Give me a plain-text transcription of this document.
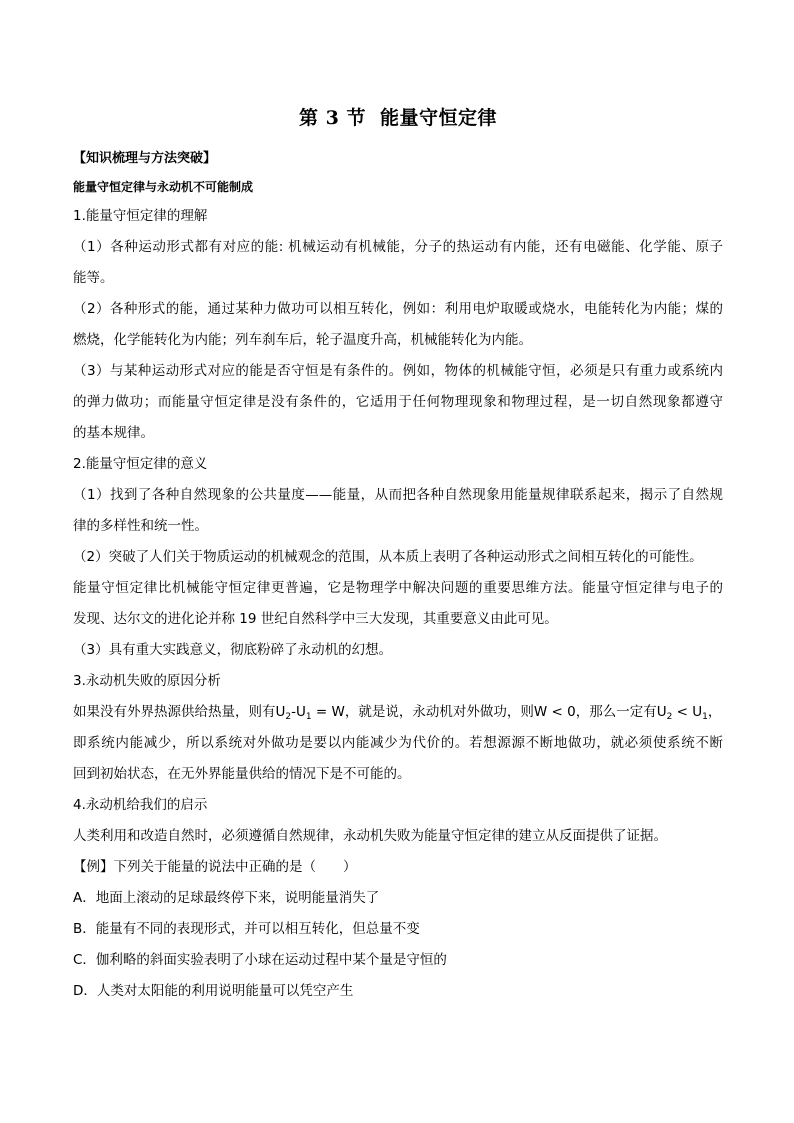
第 3 节 能量守恒定律
【知识梳理与方法突破】
能量守恒定律与永动机不可能制成
1.能量守恒定律的理解
（1）各种运动形式都有对应的能: 机械运动有机械能，分子的热运动有内能，还有电磁能、化学能、原子
能等。
（2）各种形式的能，通过某种力做功可以相互转化，例如：利用电炉取暖或烧水，电能转化为内能；煤的
燃烧，化学能转化为内能；列车刹车后，轮子温度升高，机械能转化为内能。
（3）与某种运动形式对应的能是否守恒是有条件的。例如，物体的机械能守恒，必须是只有重力或系统内
的弹力做功；而能量守恒定律是没有条件的，它适用于任何物理现象和物理过程，是一切自然现象都遵守
的基本规律。
2.能量守恒定律的意义
（1）找到了各种自然现象的公共量度——能量，从而把各种自然现象用能量规律联系起来，揭示了自然规
律的多样性和统一性。
（2）突破了人们关于物质运动的机械观念的范围，从本质上表明了各种运动形式之间相互转化的可能性。
能量守恒定律比机械能守恒定律更普遍，它是物理学中解决问题的重要思维方法。能量守恒定律与电子的
发现、达尔文的进化论并称 19 世纪自然科学中三大发现，其重要意义由此可见。
（3）具有重大实践意义，彻底粉碎了永动机的幻想。
3.永动机失败的原因分析
如果没有外界热源供给热量，则有$U_2-U_1 = W$，就是说，永动机对外做功，则W < 0，那么一定有$U_2 < U_1$，
即系统内能减少，所以系统对外做功是要以内能减少为代价的。若想源源不断地做功，就必须使系统不断
回到初始状态，在无外界能量供给的情况下是不可能的。
4.永动机给我们的启示
人类利用和改造自然时，必须遵循自然规律，永动机失败为能量守恒定律的建立从反面提供了证据。
【例】下列关于能量的说法中正确的是（　　）
A．地面上滚动的足球最终停下来，说明能量消失了
B．能量有不同的表现形式，并可以相互转化，但总量不变
C．伽利略的斜面实验表明了小球在运动过程中某个量是守恒的
D．人类对太阳能的利用说明能量可以凭空产生
